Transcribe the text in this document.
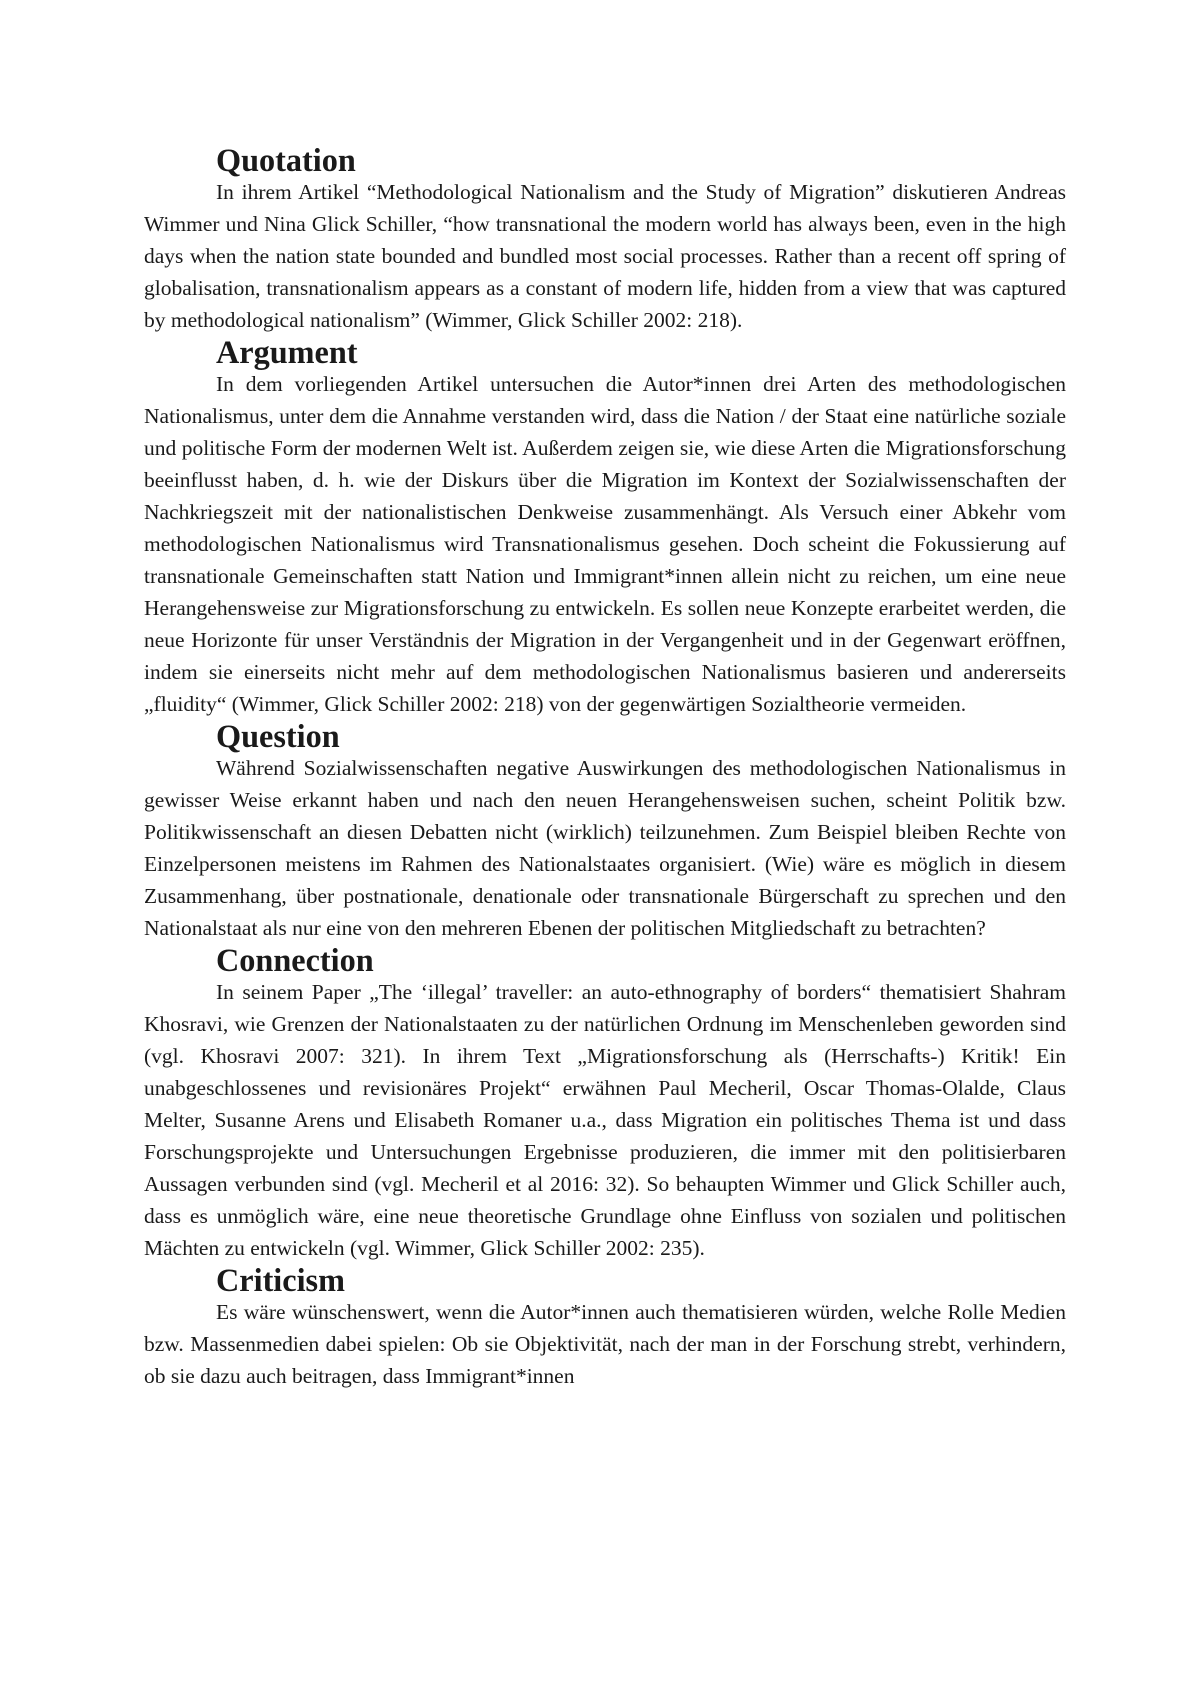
Quotation

In ihrem Artikel “Methodological Nationalism and the Study of Migration” diskutieren Andreas Wimmer und Nina Glick Schiller, “how transnational the modern world has always been, even in the high days when the nation state bounded and bundled most social processes. Rather than a recent off spring of globalisation, transnationalism appears as a constant of modern life, hidden from a view that was captured by methodological nationalism” (Wimmer, Glick Schiller 2002: 218).

Argument

In dem vorliegenden Artikel untersuchen die Autor*innen drei Arten des methodologischen Nationalismus, unter dem die Annahme verstanden wird, dass die Nation / der Staat eine natürliche soziale und politische Form der modernen Welt ist. Außerdem zeigen sie, wie diese Arten die Migrationsforschung beeinflusst haben, d. h. wie der Diskurs über die Migration im Kontext der Sozialwissenschaften der Nachkriegszeit mit der nationalistischen Denkweise zusammenhängt. Als Versuch einer Abkehr vom methodologischen Nationalismus wird Transnationalismus gesehen. Doch scheint die Fokussierung auf transnationale Gemeinschaften statt Nation und Immigrant*innen allein nicht zu reichen, um eine neue Herangehensweise zur Migrationsforschung zu entwickeln. Es sollen neue Konzepte erarbeitet werden, die neue Horizonte für unser Verständnis der Migration in der Vergangenheit und in der Gegenwart eröffnen, indem sie einerseits nicht mehr auf dem methodologischen Nationalismus basieren und andererseits „fluidity“ (Wimmer, Glick Schiller 2002: 218) von der gegenwärtigen Sozialtheorie vermeiden.

Question

Während Sozialwissenschaften negative Auswirkungen des methodologischen Nationalismus in gewisser Weise erkannt haben und nach den neuen Herangehensweisen suchen, scheint Politik bzw. Politikwissenschaft an diesen Debatten nicht (wirklich) teilzunehmen. Zum Beispiel bleiben Rechte von Einzelpersonen meistens im Rahmen des Nationalstaates organisiert. (Wie) wäre es möglich in diesem Zusammenhang, über postnationale, denationale oder transnationale Bürgerschaft zu sprechen und den Nationalstaat als nur eine von den mehreren Ebenen der politischen Mitgliedschaft zu betrachten?

Connection

In seinem Paper „The ‘illegal’ traveller: an auto-ethnography of borders“ thematisiert Shahram Khosravi, wie Grenzen der Nationalstaaten zu der natürlichen Ordnung im Menschenleben geworden sind (vgl. Khosravi 2007: 321). In ihrem Text „Migrationsforschung als (Herrschafts-) Kritik! Ein unabgeschlossenes und revisionäres Projekt“ erwähnen Paul Mecheril, Oscar Thomas-Olalde, Claus Melter, Susanne Arens und Elisabeth Romaner u.a., dass Migration ein politisches Thema ist und dass Forschungsprojekte und Untersuchungen Ergebnisse produzieren, die immer mit den politisierbaren Aussagen verbunden sind (vgl. Mecheril et al 2016: 32). So behaupten Wimmer und Glick Schiller auch, dass es unmöglich wäre, eine neue theoretische Grundlage ohne Einfluss von sozialen und politischen Mächten zu entwickeln (vgl. Wimmer, Glick Schiller 2002: 235).

Criticism

Es wäre wünschenswert, wenn die Autor*innen auch thematisieren würden, welche Rolle Medien bzw. Massenmedien dabei spielen: Ob sie Objektivität, nach der man in der Forschung strebt, verhindern, ob sie dazu auch beitragen, dass Immigrant*innen
